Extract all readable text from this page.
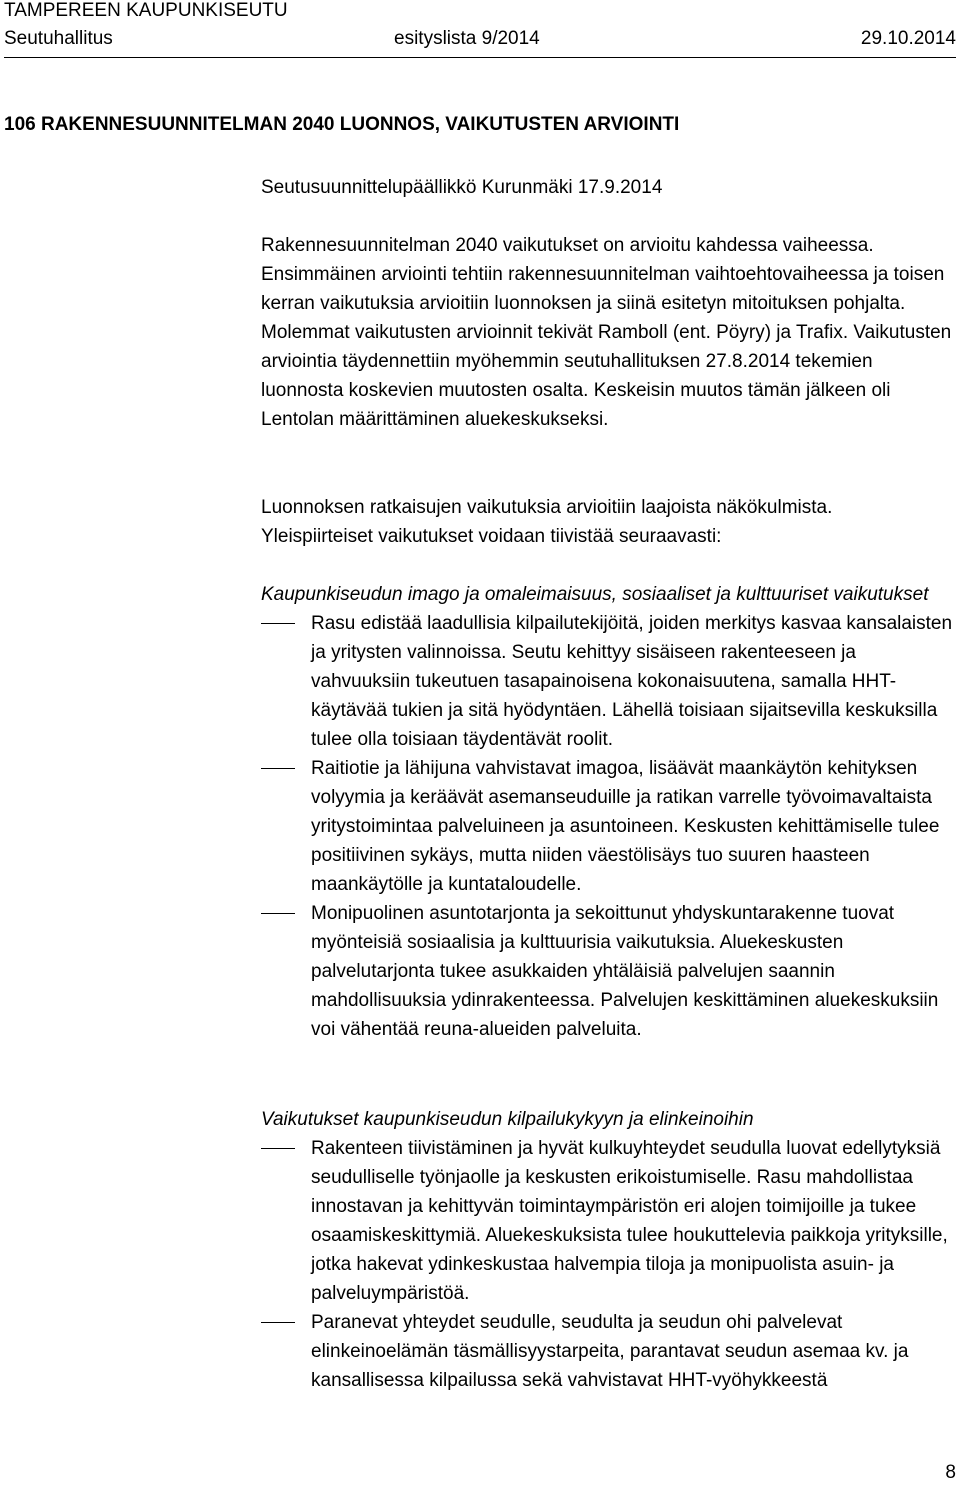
TAMPEREEN KAUPUNKISEUTU
Seutuhallitus	esityslista 9/2014	29.10.2014
106 RAKENNESUUNNITELMAN 2040 LUONNOS, VAIKUTUSTEN ARVIOINTI
Seutusuunnittelupäällikkö Kurunmäki 17.9.2014

Rakennesuunnitelman 2040 vaikutukset on arvioitu kahdessa vaiheessa. Ensimmäinen arviointi tehtiin rakennesuunnitelman vaihtoehtovaiheessa ja toisen kerran vaikutuksia arvioitiin luonnoksen ja siinä esitetyn mitoituksen pohjalta. Molemmat vaikutusten arvioinnit tekivät Ramboll (ent. Pöyry) ja Trafix. Vaikutusten arviointia täydennettiin myöhemmin seutuhallituksen 27.8.2014 tekemien luonnosta koskevien muutosten osalta. Keskeisin muutos tämän jälkeen oli Lentolan määrittäminen aluekeskukseksi.

Luonnoksen ratkaisujen vaikutuksia arvioitiin laajoista näkökulmista.

Yleispiirteiset vaikutukset voidaan tiivistää seuraavasti:

Kaupunkiseudun imago ja omaleimaisuus, sosiaaliset ja kulttuuriset vaikutukset

Rasu edistää laadullisia kilpailutekijöitä, joiden merkitys kasvaa kansalaisten ja yritysten valinnoissa. Seutu kehittyy sisäiseen rakenteeseen ja vahvuuksiin tukeutuen tasapainoisena kokonaisuutena, samalla HHT-käytävää tukien ja sitä hyödyntäen. Lähellä toisiaan sijaitsevilla keskuksilla tulee olla toisiaan täydentävät roolit.
Raitiotie ja lähijuna vahvistavat imagoa, lisäävät maankäytön kehityksen volyymia ja keräävät asemanseuduille ja ratikan varrelle työvoimavaltaista yritystoimintaa palveluineen ja asuntoineen. Keskusten kehittämiselle tulee positiivinen sykäys, mutta niiden väestölisäys tuo suuren haasteen maankäytölle ja kuntataloudelle.
Monipuolinen asuntotarjonta ja sekoittunut yhdyskuntarakenne tuovat myönteisiä sosiaalisia ja kulttuurisia vaikutuksia. Aluekeskusten palvelutarjonta tukee asukkaiden yhtäläisiä palvelujen saannin mahdollisuuksia ydinrakenteessa. Palvelujen keskittäminen aluekeskuksiin voi vähentää reuna-alueiden palveluita.

Vaikutukset kaupunkiseudun kilpailukykyyn ja elinkeinoihin

Rakenteen tiivistäminen ja hyvät kulkuyhteydet seudulla luovat edellytyksiä seudulliselle työnjaolle ja keskusten erikoistumiselle. Rasu mahdollistaa innostavan ja kehittyvän toimintaympäristön eri alojen toimijoille ja tukee osaamiskeskittymiä. Aluekeskuksista tulee houkuttelevia paikkoja yrityksille, jotka hakevat ydinkeskustaa halvempia tiloja ja monipuolista asuin- ja palveluympäristöä.
Paranevat yhteydet seudulle, seudulta ja seudun ohi palvelevat elinkeinoelämän täsmällisyystarpeita, parantavat seudun asemaa kv. ja kansallisessa kilpailussa sekä vahvistavat HHT-vyöhykkeestä
8
